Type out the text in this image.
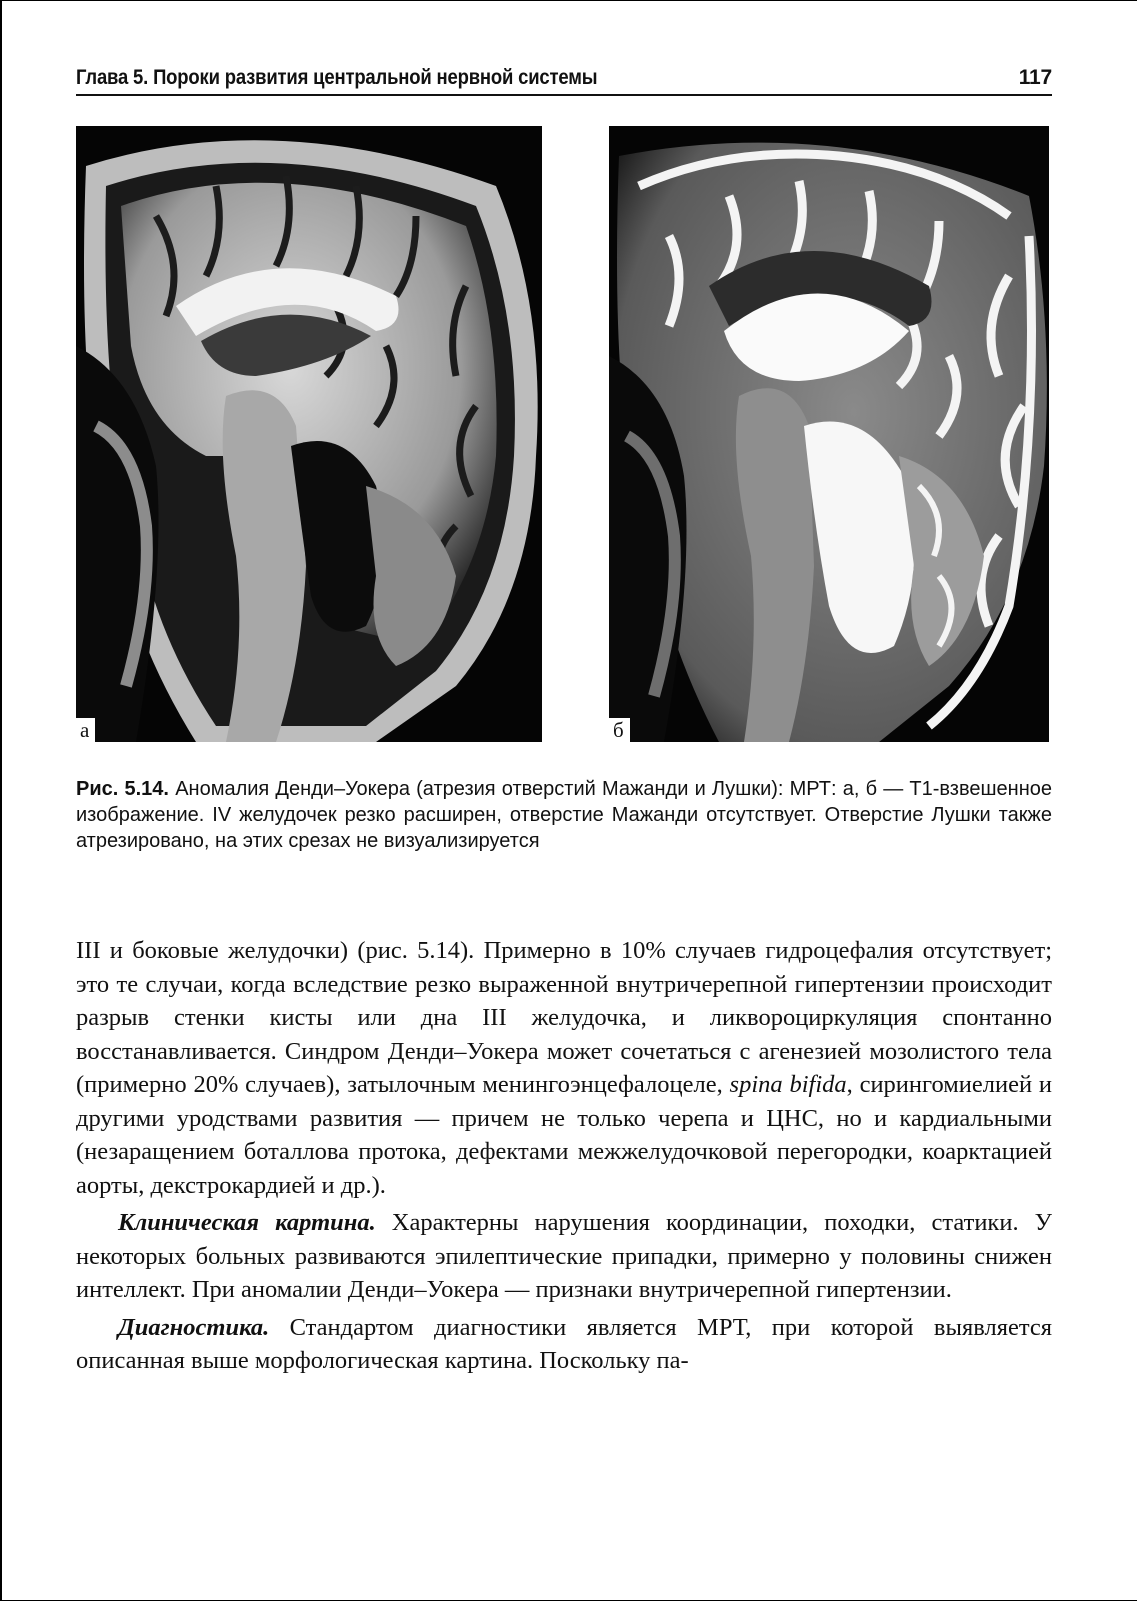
Глава 5. Пороки развития центральной нервной системы	117
а	б
Рис. 5.14. Аномалия Денди–Уокера (атрезия отверстий Мажанди и Лушки): МРТ: а, б — T1-взвешенное изображение. IV желудочек резко расширен, отверстие Мажанди отсутствует. Отверстие Лушки также атрезировано, на этих срезах не визуализируется

III и боковые желудочки) (рис. 5.14). Примерно в 10% случаев гидроцефалия отсутствует; это те случаи, когда вследствие резко выраженной внутричерепной гипертензии происходит разрыв стенки кисты или дна III желудочка, и ликвороциркуляция спонтанно восстанавливается. Синдром Денди–Уокера может сочетаться с агенезией мозолистого тела (примерно 20% случаев), затылочным менингоэнцефалоцеле, spina bifida, сирингомиелией и другими уродствами развития — причем не только черепа и ЦНС, но и кардиальными (незаращением боталлова протока, дефектами межжелудочковой перегородки, коарктацией аорты, декстрокардией и др.).

Клиническая картина. Характерны нарушения координации, походки, статики. У некоторых больных развиваются эпилептические припадки, примерно у половины снижен интеллект. При аномалии Денди–Уокера — признаки внутричерепной гипертензии.

Диагностика. Стандартом диагностики является МРТ, при которой выявляется описанная выше морфологическая картина. Поскольку па-
